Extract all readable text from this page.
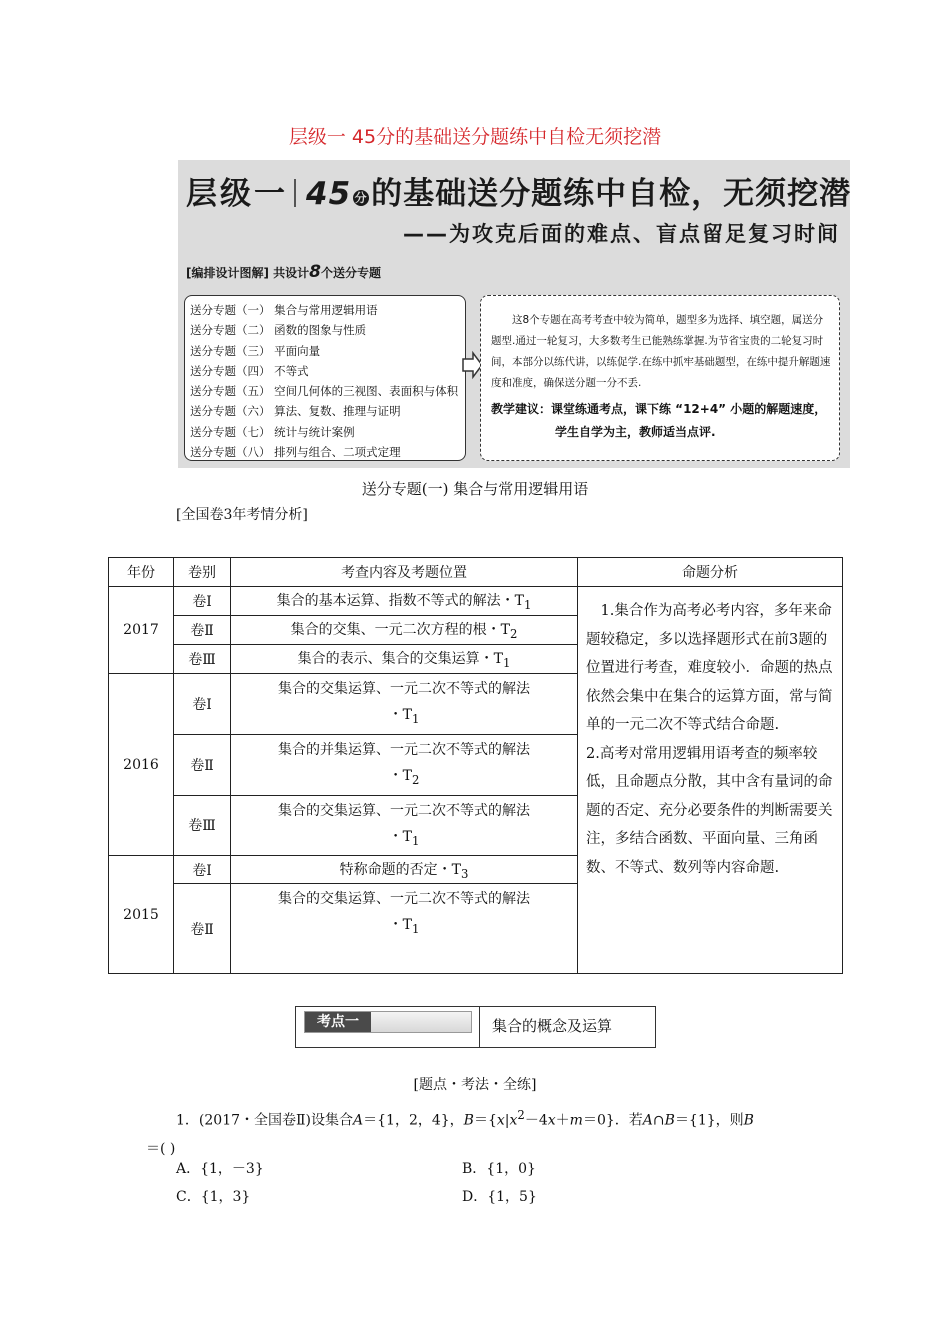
层级一 45分的基础送分题练中自检无须挖潜
层级一 45 分 的基础送分题练中自检，无须挖潜
——为攻克后面的难点、盲点留足复习时间
[编排设计图解] 共设计8个送分专题
送分专题（一） 集合与常用逻辑用语
送分专题（二） 函数的图象与性质
送分专题（三） 平面向量
送分专题（四） 不等式
送分专题（五） 空间几何体的三视图、表面积与体积
送分专题（六） 算法、复数、推理与证明
送分专题（七） 统计与统计案例
送分专题（八） 排列与组合、二项式定理
这8个专题在高考考查中较为简单，题型多为选择、填空题，属送分题型.通过一轮复习，大多数考生已能熟练掌握.为节省宝贵的二轮复习时间，本部分以练代讲，以练促学.在练中抓牢基础题型，在练中提升解题速度和准度，确保送分题一分不丢.
教学建议：课堂练通考点，课下练 “12+4” 小题的解题速度，
学生自学为主，教师适当点评.
送分专题(一) 集合与常用逻辑用语
[全国卷3年考情分析]
年份	卷别	考查内容及考题位置	命题分析
2017	卷Ⅰ	集合的基本运算、指数不等式的解法・$T_1$	1.集合作为高考必考内容，多年来命题较稳定，多以选择题形式在前3题的位置进行考查，难度较小．命题的热点依然会集中在集合的运算方面，常与简单的一元二次不等式结合命题.
2.高考对常用逻辑用语考查的频率较低，且命题点分散，其中含有量词的命题的否定、充分必要条件的判断需要关注，多结合函数、平面向量、三角函数、不等式、数列等内容命题.

	卷Ⅱ	集合的交集、一元二次方程的根・$T_2$
	卷Ⅲ	集合的表示、集合的交集运算・$T_1$
2016	卷Ⅰ	集合的交集运算、一元二次不等式的解法
・$T_1$

	卷Ⅱ	集合的并集运算、一元二次不等式的解法
・$T_2$

	卷Ⅲ	集合的交集运算、一元二次不等式的解法
・$T_1$

2015	卷Ⅰ	特称命题的否定・$T_3$
	卷Ⅱ	集合的交集运算、一元二次不等式的解法
・$T_1$

考点一	集合的概念及运算
[题点・考法・全练]
1．(2017・全国卷Ⅱ)设集合A＝{1，2，4}，$B=\{x|x^2-4x+m=0\}$．若A∩B＝{1}，则B
＝( )
A．{1，－3}	B．{1，0}
C．{1，3}	D．{1，5}
